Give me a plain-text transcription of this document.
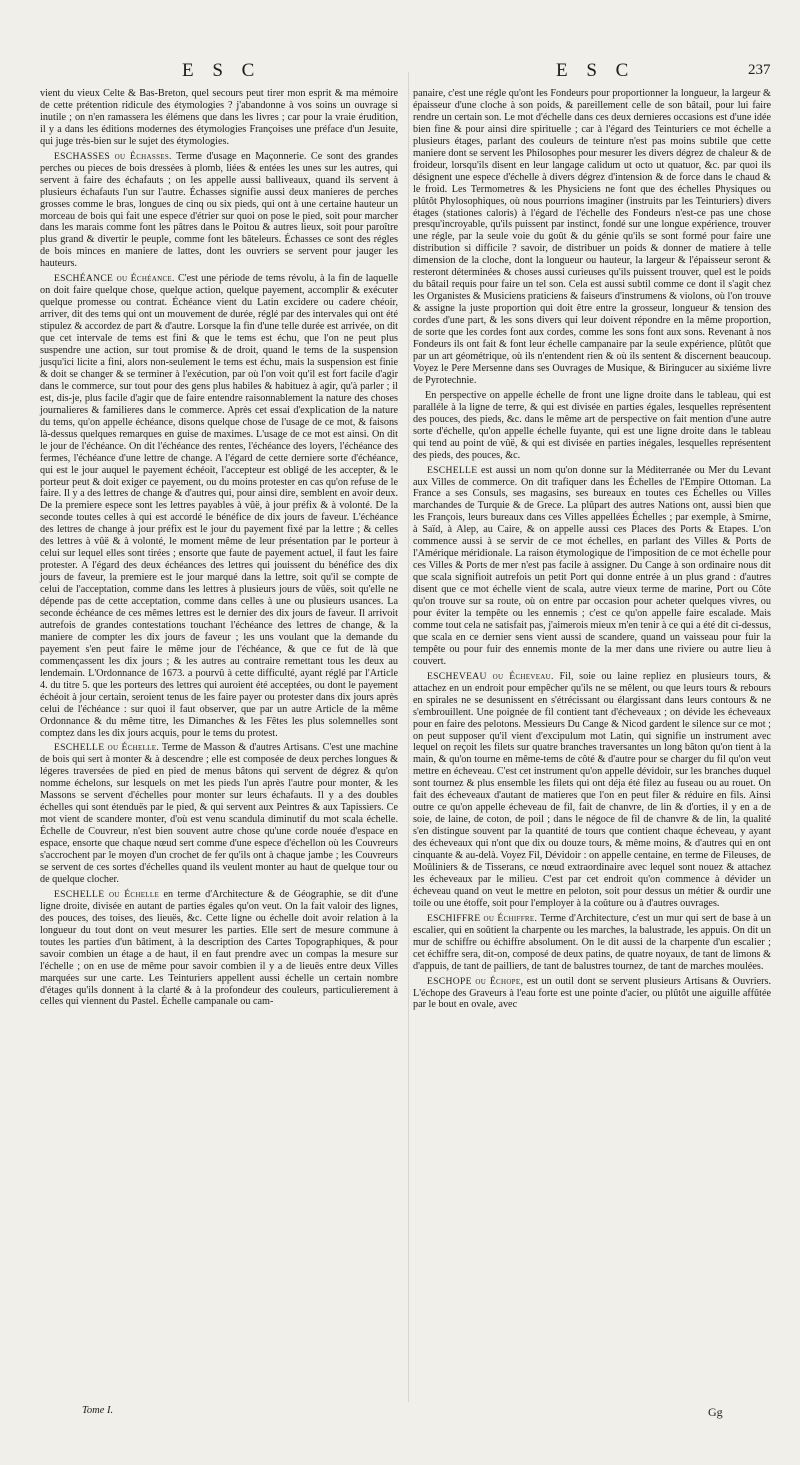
E S C	E S C	237

vient du vieux Celte & Bas-Breton, quel secours peut tirer mon esprit & ma mémoire de cette prétention ridicule des étymologies ? j'abandonne à vos soins un ouvrage si inutile ; on n'en ramassera les élémens que dans les livres ; car pour la vraie érudition, il y a dans les éditions modernes des étymologies Françoises une préface d'un Jesuite, qui juge très-bien sur le sujet des étymologies.

ESCHASSES ou Échasses. Terme d'usage en Maçonnerie. Ce sont des grandes perches ou pieces de bois dressées à plomb, liées & entées les unes sur les autres, qui servent à faire des échafauts ; on les appelle aussi balliveaux, quand ils servent à plusieurs échafauts l'un sur l'autre. Échasses signifie aussi deux manieres de perches grosses comme le bras, longues de cinq ou six pieds, qui ont à une certaine hauteur un morceau de bois qui fait une espece d'étrier sur quoi on pose le pied, soit pour marcher dans les marais comme font les pâtres dans le Poitou & autres lieux, soit pour paroître plus grand & divertir le peuple, comme font les bâteleurs. Échasses ce sont des régles de bois minces en maniere de lattes, dont les ouvriers se servent pour jauger les hauteurs.

ESCHÉANCE ou Échéance. C'est une période de tems révolu, à la fin de laquelle on doit faire quelque chose, quelque action, quelque payement, accomplir & exécuter quelque promesse ou contrat. Échéance vient du Latin excidere ou cadere chéoir, arriver, dit des tems qui ont un mouvement de durée, réglé par des intervales qui ont été stipulez & accordez de part & d'autre. Lorsque la fin d'une telle durée est arrivée, on dit que cet intervale de tems est fini & que le tems est échu, que l'on ne peut plus suspendre une action, sur tout promise & de droit, quand le tems de la suspension jusqu'ici licite a fini, alors non-seulement le tems est échu, mais la suspension est finie & doit se changer & se terminer à l'exécution, par où l'on voit qu'il est fort facile d'agir dans le commerce, sur tout pour des gens plus habiles & habituez à agir, qu'à parler ; il est, dis-je, plus facile d'agir que de faire entendre raisonnablement la nature des choses journalieres & familieres dans le commerce. Après cet essai d'explication de la nature du tems, qu'on appelle échéance, disons quelque chose de l'usage de ce mot, & faisons là-dessus quelques remarques en guise de maximes. L'usage de ce mot est ainsi. On dit le jour de l'échéance. On dit l'échéance des rentes, l'échéance des loyers, l'échéance des fermes, l'échéance d'une lettre de change. A l'égard de cette derniere sorte d'échéance, qui est le jour auquel le payement échéoit, l'accepteur est obligé de les accepter, & le porteur peut & doit exiger ce payement, ou du moins protester en cas qu'on refuse de le faire. Il y a des lettres de change & d'autres qui, pour ainsi dire, semblent en avoir deux. De la premiere espece sont les lettres payables à vûë, à jour préfix & à volonté. De la seconde toutes celles à qui est accordé le bénéfice de dix jours de faveur. L'échéance des lettres de change à jour préfix est le jour du payement fixé par la lettre ; & celles des lettres à vûë & à volonté, le moment même de leur présentation par le porteur à celui sur lequel elles sont tirées ; ensorte que faute de payement actuel, il faut les faire protester. A l'égard des deux échéances des lettres qui jouissent du bénéfice des dix jours de faveur, la premiere est le jour marqué dans la lettre, soit qu'il se compte de celui de l'acceptation, comme dans les lettres à plusieurs jours de vûës, soit qu'elle ne dépende pas de cette acceptation, comme dans celles à une ou plusieurs usances. La seconde échéance de ces mêmes lettres est le dernier des dix jours de faveur. Il arrivoit autrefois de grandes contestations touchant l'échéance des lettres de change, & la maniere de compter les dix jours de faveur ; les uns voulant que la demande du payement s'en peut faire le même jour de l'échéance, & que ce fut de là que commençassent les dix jours ; & les autres au contraire remettant tous les deux au lendemain. L'Ordonnance de 1673. a pourvû à cette difficulté, ayant réglé par l'Article 4. du titre 5. que les porteurs des lettres qui auroient été acceptées, ou dont le payement échéoit à jour certain, seroient tenus de les faire payer ou protester dans dix jours après celui de l'échéance : sur quoi il faut observer, que par un autre Article de la même Ordonnance & du même titre, les Dimanches & les Fêtes les plus solemnelles sont comptez dans les dix jours acquis, pour le tems du protest.

ESCHELLE ou Échelle. Terme de Masson & d'autres Artisans. C'est une machine de bois qui sert à monter & à descendre ; elle est composée de deux perches longues & légeres traversées de pied en pied de menus bâtons qui servent de dégrez & qu'on nomme échelons, sur lesquels on met les pieds l'un après l'autre pour monter, & les Massons se servent d'échelles pour monter sur leurs échafauts. Il y a des doubles échelles qui sont étenduës par le pied, & qui servent aux Peintres & aux Tapissiers. Ce mot vient de scandere monter, d'où est venu scandula diminutif du mot scala échelle. Échelle de Couvreur, n'est bien souvent autre chose qu'une corde nouée d'espace en espace, ensorte que chaque nœud sert comme d'une espece d'échellon où les Couvreurs s'accrochent par le moyen d'un crochet de fer qu'ils ont à chaque jambe ; les Couvreurs se servent de ces sortes d'échelles quand ils veulent monter au haut de quelque tour ou de quelque clocher.

ESCHELLE ou Échelle en terme d'Architecture & de Géographie, se dit d'une ligne droite, divisée en autant de parties égales qu'on veut. On la fait valoir des lignes, des pouces, des toises, des lieuës, &c. Cette ligne ou échelle doit avoir relation à la longueur du tout dont on veut mesurer les parties. Elle sert de mesure commune à toutes les parties d'un bâtiment, à la description des Cartes Topographiques, & pour savoir combien un étage a de haut, il en faut prendre avec un compas la mesure sur l'échelle ; on en use de même pour savoir combien il y a de lieuës entre deux Villes marquées sur une carte. Les Teinturiers appellent aussi échelle un certain nombre d'étages qu'ils donnent à la clarté & à la profondeur des couleurs, particulierement à celles qui viennent du Pastel. Échelle campanale ou cam-

panaire, c'est une régle qu'ont les Fondeurs pour proportionner la longueur, la largeur & épaisseur d'une cloche à son poids, & pareillement celle de son bâtail, pour lui faire rendre un certain son. Le mot d'échelle dans ces deux dernieres occasions est d'une idée bien fine & pour ainsi dire spirituelle ; car à l'égard des Teinturiers ce mot échelle a plusieurs étages, parlant des couleurs de teinture n'est pas moins subtile que cette maniere dont se servent les Philosophes pour mesurer les divers dégrez de chaleur & de froideur, lorsqu'ils disent en leur langage calidum ut octo ut quatuor, &c. par quoi ils désignent une espece d'échelle à divers dégrez d'intension & de force dans le chaud & le froid. Les Termometres & les Physiciens ne font que des échelles Physiques ou plûtôt Phylosophiques, où nous pourrions imaginer (instruits par les Teinturiers) divers étages (stationes caloris) à l'égard de l'échelle des Fondeurs n'est-ce pas une chose presqu'incroyable, qu'ils puissent par instinct, fondé sur une longue expérience, trouver une régle, par la seule voie du goût & du génie qu'ils se sont formé pour faire une distribution si difficile ? savoir, de distribuer un poids & donner de matiere à telle dimension de la cloche, dont la longueur ou hauteur, la largeur & l'épaisseur seront & resteront déterminées & choses aussi curieuses qu'ils puissent trouver, quel est le poids du bâtail requis pour faire un tel son. Cela est aussi subtil comme ce dont il s'agit chez les Organistes & Musiciens praticiens & faiseurs d'instrumens & violons, où l'on trouve & assigne la juste proportion qui doit être entre la grosseur, longueur & tension des cordes d'une part, & les sons divers qui leur doivent répondre en la même proportion, de sorte que les cordes font aux cordes, comme les sons font aux sons. Revenant à nos Fondeurs ils ont fait & font leur échelle campanaire par la seule expérience, plûtôt que par un art géométrique, où ils n'entendent rien & où ils sentent & discernent beaucoup. Voyez le Pere Mersenne dans ses Ouvrages de Musique, & Biringucer au sixiéme livre de Pyrotechnie.

En perspective on appelle échelle de front une ligne droite dans le tableau, qui est paralléle à la ligne de terre, & qui est divisée en parties égales, lesquelles représentent des pouces, des pieds, &c. dans le même art de perspective on fait mention d'une autre sorte d'échelle, qu'on appelle échelle fuyante, qui est une ligne droite dans le tableau qui tend au point de vûë, & qui est divisée en parties inégales, lesquelles représentent des pieds, des pouces, &c.

ESCHELLE est aussi un nom qu'on donne sur la Méditerranée ou Mer du Levant aux Villes de commerce. On dit trafiquer dans les Échelles de l'Empire Ottoman. La France a ses Consuls, ses magasins, ses bureaux en toutes ces Échelles ou Villes marchandes de Turquie & de Grece. La plûpart des autres Nations ont, aussi bien que les François, leurs bureaux dans ces Villes appellées Échelles ; par exemple, à Smirne, à Saïd, à Alep, au Caire, & on appelle aussi ces Places des Ports & Etapes. L'on commence aussi à se servir de ce mot échelles, en parlant des Villes & Ports de l'Amérique méridionale. La raison étymologique de l'imposition de ce mot échelle pour ces Villes & Ports de mer n'est pas facile à assigner. Du Cange à son ordinaire nous dit que scala signifioit autrefois un petit Port qui donne entrée à un plus grand : d'autres disent que ce mot échelle vient de scala, autre vieux terme de marine, Port ou Côte qu'on trouve sur sa route, où on entre par occasion pour acheter quelques vivres, ou pour éviter la tempête ou les ennemis ; c'est ce qu'on appelle faire escalade. Mais comme tout cela ne satisfait pas, j'aimerois mieux m'en tenir à ce qui a été dit ci-dessus, que scala en ce dernier sens vient aussi de scandere, quand un vaisseau pour fuir la tempête ou pour fuir des ennemis monte de la mer dans une riviere ou autre lieu à couvert.

ESCHEVEAU ou Écheveau. Fil, soie ou laine repliez en plusieurs tours, & attachez en un endroit pour empêcher qu'ils ne se mêlent, ou que leurs tours & rebours en spirales ne se desunissent en s'étrécissant ou élargissant dans leurs contours & ne s'embrouillent. Une poignée de fil contient tant d'écheveaux ; on dévide les écheveaux pour en faire des pelotons. Messieurs Du Cange & Nicod gardent le silence sur ce mot ; on peut supposer qu'il vient d'excipulum mot Latin, qui signifie un instrument avec lequel on reçoit les filets sur quatre branches traversantes un long bâton qu'on tient à la main, & qu'on tourne en même-tems de côté & d'autre pour se charger du fil qu'on veut mettre en écheveau. C'est cet instrument qu'on appelle dévidoir, sur les branches duquel sont tournez & plus ensemble les filets qui ont déja été filez au fuseau ou au rouet. On fait des écheveaux d'autant de matieres que l'on en peut filer & réduire en fils. Ainsi outre ce qu'on appelle écheveau de fil, fait de chanvre, de lin & d'orties, il y en a de soie, de laine, de coton, de poil ; dans le négoce de fil de chanvre & de lin, la qualité s'en distingue souvent par la quantité de tours que contient chaque écheveau, y ayant des écheveaux qui n'ont que dix ou douze tours, & même moins, & d'autres qui en ont cinquante & au-delà. Voyez Fil, Dévidoir : on appelle centaine, en terme de Fileuses, de Moûliniers & de Tisserans, ce nœud extraordinaire avec lequel sont nouez & attachez les écheveaux par le milieu. C'est par cet endroit qu'on commence à dévider un écheveau quand on veut le mettre en peloton, soit pour dessus un métier & ourdir une toile ou une étoffe, soit pour l'employer à la coûture ou à d'autres ouvrages.

ESCHIFFRE ou Échiffre. Terme d'Architecture, c'est un mur qui sert de base à un escalier, qui en soûtient la charpente ou les marches, la balustrade, les appuis. On dit un mur de schiffre ou échiffre absolument. On le dit aussi de la charpente d'un escalier ; cet échiffre sera, dit-on, composé de deux patins, de quatre noyaux, de tant de limons & d'appuis, de tant de pailliers, de tant de balustres tournez, de tant de marches moulées.

ESCHOPE ou Échope, est un outil dont se servent plusieurs Artisans & Ouvriers. L'échope des Graveurs à l'eau forte est une pointe d'acier, ou plûtôt une aiguille affûtée par le bout en ovale, avec

Tome I.	Gg
